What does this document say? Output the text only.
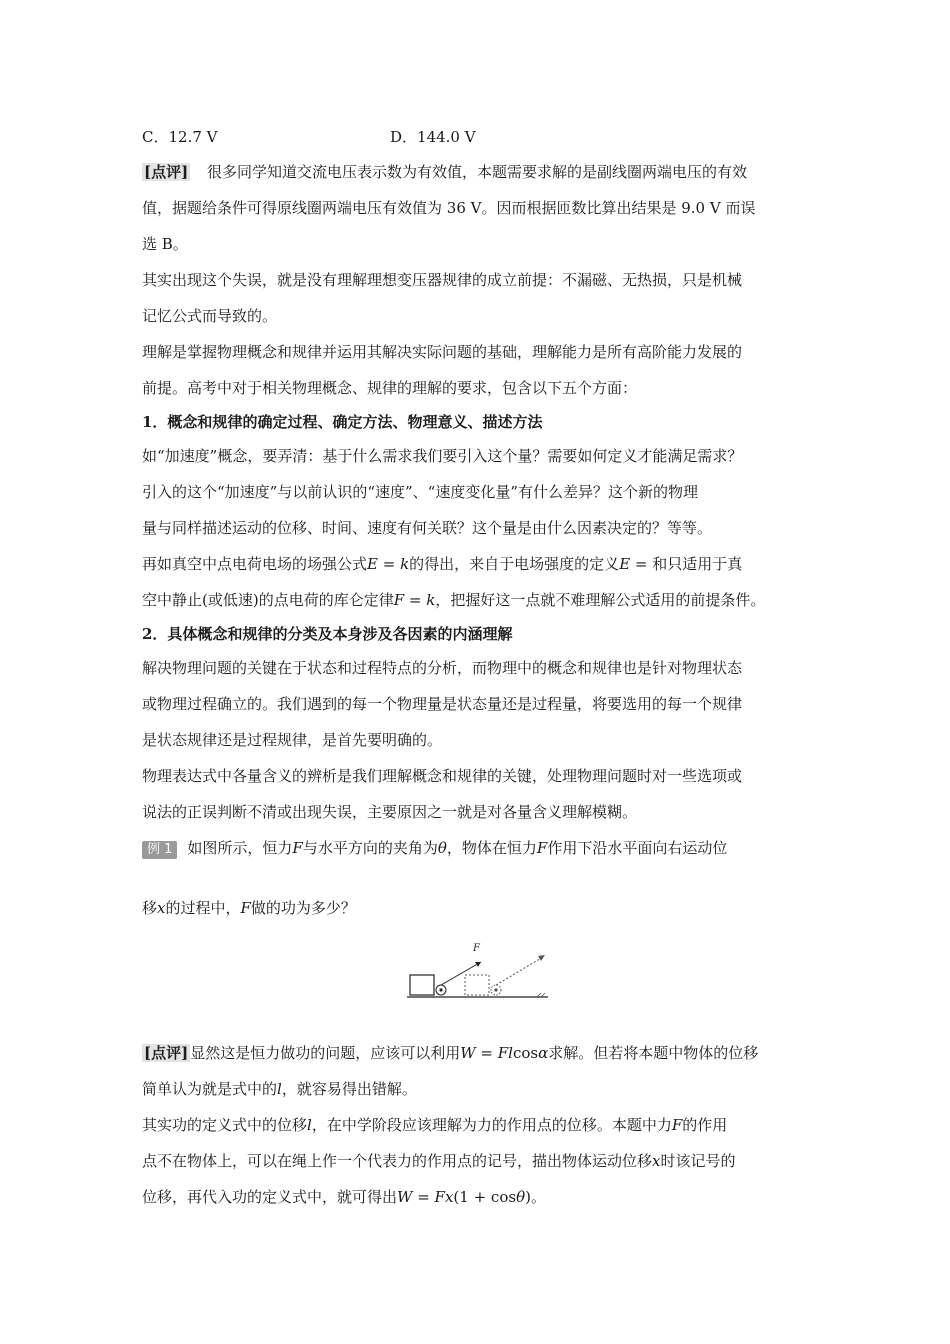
C．12.7 V	D．144.0 V
[点评] 很多同学知道交流电压表示数为有效值，本题需要求解的是副线圈两端电压的有效
值，据题给条件可得原线圈两端电压有效值为 36 V。因而根据匝数比算出结果是 9.0 V 而误
选 B。
其实出现这个失误，就是没有理解理想变压器规律的成立前提：不漏磁、无热损，只是机械
记忆公式而导致的。
理解是掌握物理概念和规律并运用其解决实际问题的基础，理解能力是所有高阶能力发展的
前提。高考中对于相关物理概念、规律的理解的要求，包含以下五个方面：
1．概念和规律的确定过程、确定方法、物理意义、描述方法
如“加速度”概念，要弄清：基于什么需求我们要引入这个量？需要如何定义才能满足需求？
引入的这个“加速度”与以前认识的“速度”、“速度变化量”有什么差异？这个新的物理
量与同样描述运动的位移、时间、速度有何关联？这个量是由什么因素决定的？等等。
再如真空中点电荷电场的场强公式E = k的得出，来自于电场强度的定义E = 和只适用于真
空中静止(或低速)的点电荷的库仑定律F = k，把握好这一点就不难理解公式适用的前提条件。
2．具体概念和规律的分类及本身涉及各因素的内涵理解
解决物理问题的关键在于状态和过程特点的分析，而物理中的概念和规律也是针对物理状态
或物理过程确立的。我们遇到的每一个物理量是状态量还是过程量，将要选用的每一个规律
是状态规律还是过程规律，是首先要明确的。
物理表达式中各量含义的辨析是我们理解概念和规律的关键，处理物理问题时对一些选项或
说法的正误判断不清或出现失误，主要原因之一就是对各量含义理解模糊。
例 1 如图所示，恒力F与水平方向的夹角为θ，物体在恒力F作用下沿水平面向右运动位
移x的过程中，F做的功为多少？
F
[点评] 显然这是恒力做功的问题，应该可以利用W = Flcosα求解。但若将本题中物体的位移
简单认为就是式中的l，就容易得出错解。
其实功的定义式中的位移l，在中学阶段应该理解为力的作用点的位移。本题中力F的作用
点不在物体上，可以在绳上作一个代表力的作用点的记号，描出物体运动位移x时该记号的
位移，再代入功的定义式中，就可得出W = Fx(1 + cosθ)。
